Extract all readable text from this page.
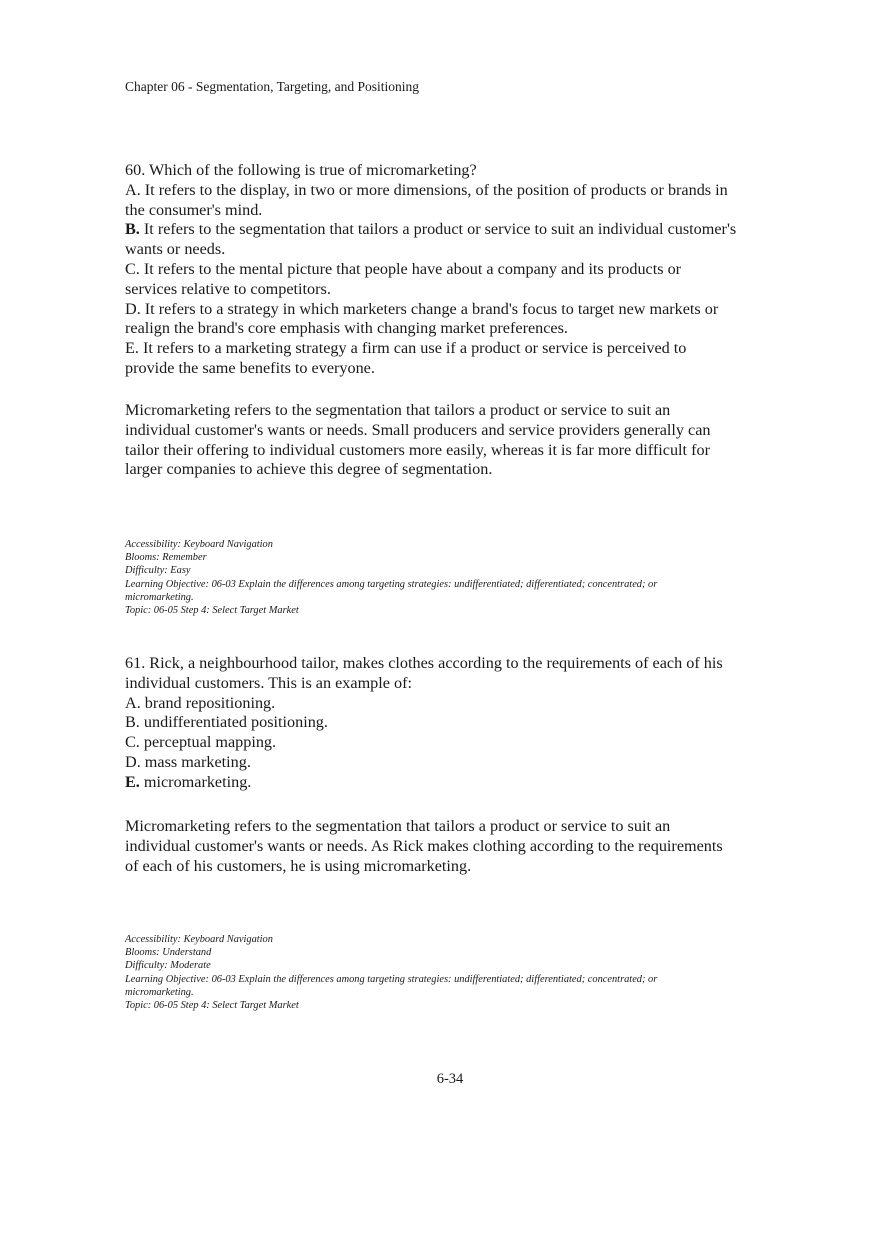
Chapter 06 - Segmentation, Targeting, and Positioning
60. Which of the following is true of micromarketing?
A. It refers to the display, in two or more dimensions, of the position of products or brands in
the consumer's mind.
B. It refers to the segmentation that tailors a product or service to suit an individual customer's
wants or needs.
C. It refers to the mental picture that people have about a company and its products or
services relative to competitors.
D. It refers to a strategy in which marketers change a brand's focus to target new markets or
realign the brand's core emphasis with changing market preferences.
E. It refers to a marketing strategy a firm can use if a product or service is perceived to
provide the same benefits to everyone.
Micromarketing refers to the segmentation that tailors a product or service to suit an
individual customer's wants or needs. Small producers and service providers generally can
tailor their offering to individual customers more easily, whereas it is far more difficult for
larger companies to achieve this degree of segmentation.
Accessibility: Keyboard Navigation
Blooms: Remember
Difficulty: Easy
Learning Objective: 06-03 Explain the differences among targeting strategies: undifferentiated; differentiated; concentrated; or
micromarketing.
Topic: 06-05 Step 4: Select Target Market
61. Rick, a neighbourhood tailor, makes clothes according to the requirements of each of his
individual customers. This is an example of:
A. brand repositioning.
B. undifferentiated positioning.
C. perceptual mapping.
D. mass marketing.
E. micromarketing.
Micromarketing refers to the segmentation that tailors a product or service to suit an
individual customer's wants or needs. As Rick makes clothing according to the requirements
of each of his customers, he is using micromarketing.
Accessibility: Keyboard Navigation
Blooms: Understand
Difficulty: Moderate
Learning Objective: 06-03 Explain the differences among targeting strategies: undifferentiated; differentiated; concentrated; or
micromarketing.
Topic: 06-05 Step 4: Select Target Market
6-34
